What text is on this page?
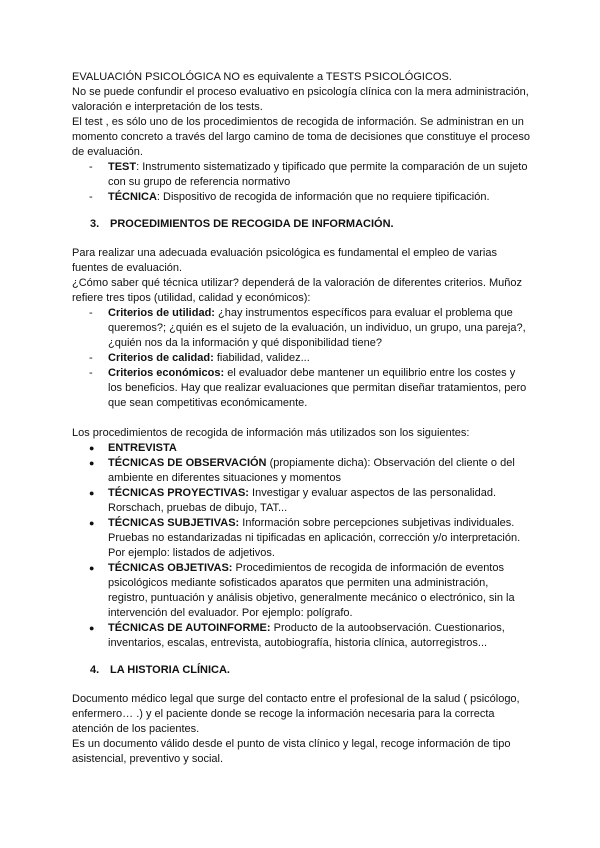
EVALUACIÓN PSICOLÓGICA NO es equivalente a TESTS PSICOLÓGICOS.
No se puede confundir el proceso evaluativo en psicología clínica con la mera administración, valoración e interpretación de los tests.

El test , es sólo uno de los procedimientos de recogida de información. Se administran en un momento concreto a través del largo camino de toma de decisiones que constituye el proceso de evaluación.

- TEST: Instrumento sistematizado y tipificado que permite la comparación de un sujeto con su grupo de referencia normativo
- TÉCNICA: Dispositivo de recogida de información que no requiere tipificación.
3. PROCEDIMIENTOS DE RECOGIDA DE INFORMACIÓN.

Para realizar una adecuada evaluación psicológica es fundamental el empleo de varias fuentes de evaluación.

¿Cómo saber qué técnica utilizar? dependerá de la valoración de diferentes criterios. Muñoz refiere tres tipos (utilidad, calidad y económicos):

- Criterios de utilidad: ¿hay instrumentos específicos para evaluar el problema que queremos?; ¿quién es el sujeto de la evaluación, un individuo, un grupo, una pareja?, ¿quién nos da la información y qué disponibilidad tiene?
- Criterios de calidad: fiabilidad, validez...
- Criterios económicos: el evaluador debe mantener un equilibrio entre los costes y los beneficios. Hay que realizar evaluaciones que permitan diseñar tratamientos, pero que sean competitivas económicamente.

Los procedimientos de recogida de información más utilizados son los siguientes:

● ENTREVISTA
● TÉCNICAS DE OBSERVACIÓN (propiamente dicha): Observación del cliente o del ambiente en diferentes situaciones y momentos
● TÉCNICAS PROYECTIVAS: Investigar y evaluar aspectos de las personalidad. Rorschach, pruebas de dibujo, TAT...
● TÉCNICAS SUBJETIVAS: Información sobre percepciones subjetivas individuales. Pruebas no estandarizadas ni tipificadas en aplicación, corrección y/o interpretación. Por ejemplo: listados de adjetivos.
● TÉCNICAS OBJETIVAS: Procedimientos de recogida de información de eventos psicológicos mediante sofisticados aparatos que permiten una administración, registro, puntuación y análisis objetivo, generalmente mecánico o electrónico, sin la intervención del evaluador. Por ejemplo: polígrafo.
● TÉCNICAS DE AUTOINFORME: Producto de la autoobservación. Cuestionarios, inventarios, escalas, entrevista, autobiografía, historia clínica, autorregistros...
4. LA HISTORIA CLÍNICA.

Documento médico legal que surge del contacto entre el profesional de la salud ( psicólogo, enfermero… .) y el paciente donde se recoge la información necesaria para la correcta atención de los pacientes.

Es un documento válido desde el punto de vista clínico y legal, recoge información de tipo asistencial, preventivo y social.
